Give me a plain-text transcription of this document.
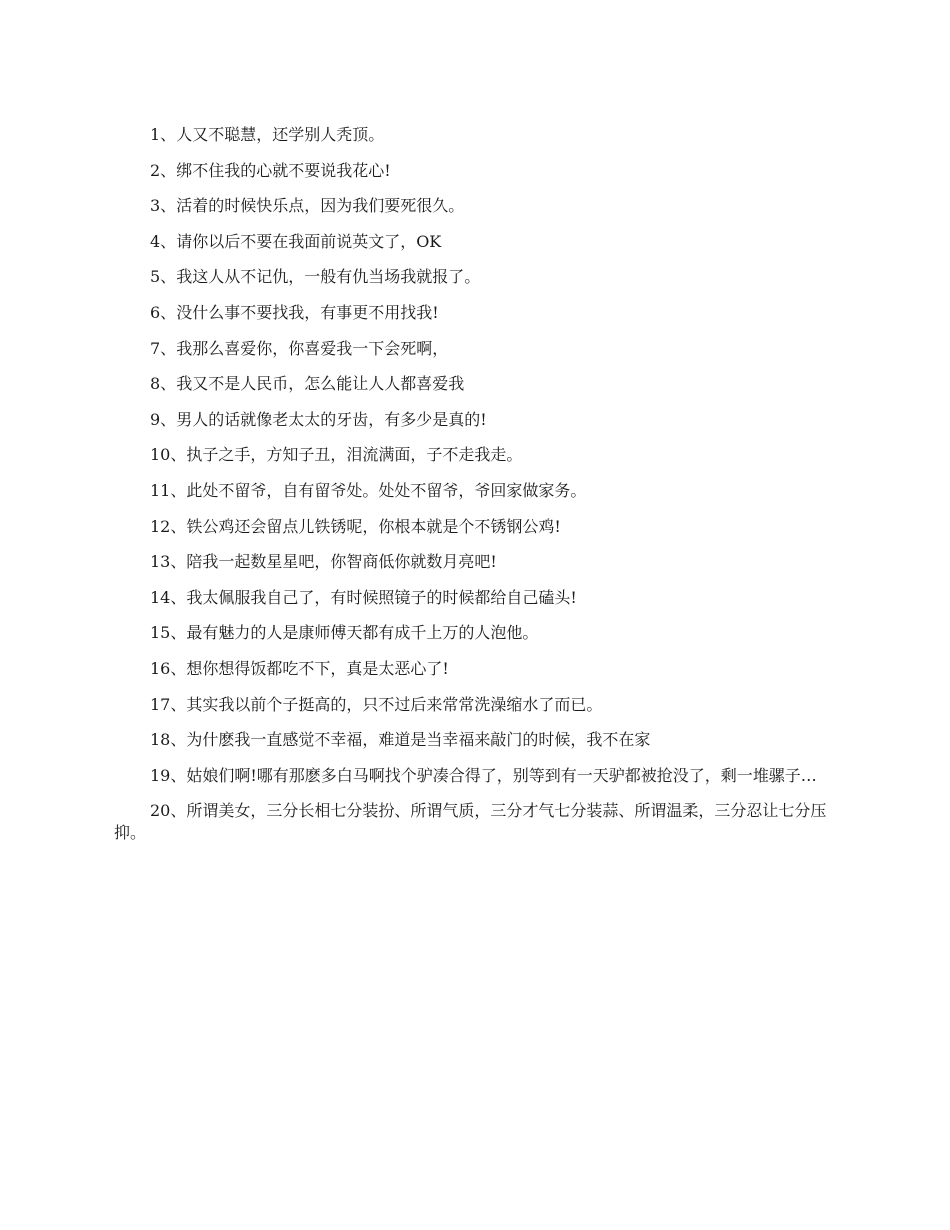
1、人又不聪慧，还学别人秃顶。

2、绑不住我的心就不要说我花心!

3、活着的时候快乐点，因为我们要死很久。

4、请你以后不要在我面前说英文了，OK

5、我这人从不记仇，一般有仇当场我就报了。

6、没什么事不要找我，有事更不用找我!

7、我那么喜爱你，你喜爱我一下会死啊，

8、我又不是人民币，怎么能让人人都喜爱我

9、男人的话就像老太太的牙齿，有多少是真的!

10、执子之手，方知子丑，泪流满面，子不走我走。

11、此处不留爷，自有留爷处。处处不留爷，爷回家做家务。

12、铁公鸡还会留点儿铁锈呢，你根本就是个不锈钢公鸡!

13、陪我一起数星星吧，你智商低你就数月亮吧!

14、我太佩服我自己了，有时候照镜子的时候都给自己磕头!

15、最有魅力的人是康师傅天都有成千上万的人泡他。

16、想你想得饭都吃不下，真是太恶心了!

17、其实我以前个子挺高的，只不过后来常常洗澡缩水了而已。

18、为什麽我一直感觉不幸福，难道是当幸福来敲门的时候，我不在家

19、姑娘们啊!哪有那麽多白马啊找个驴凑合得了，别等到有一天驴都被抢没了，剩一堆骡子…

20、所谓美女，三分长相七分装扮、所谓气质，三分才气七分装蒜、所谓温柔，三分忍让七分压抑。
